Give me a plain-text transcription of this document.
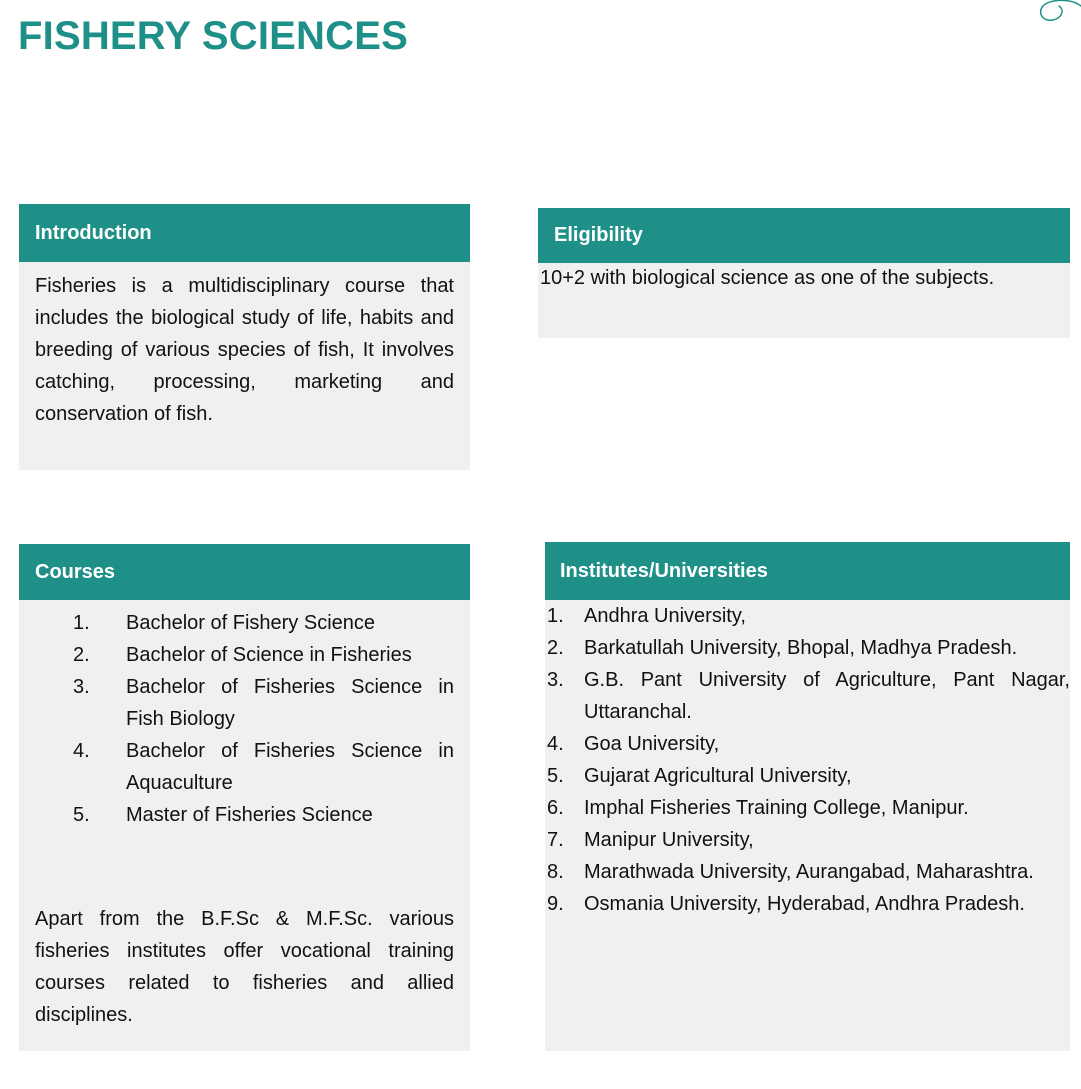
FISHERY SCIENCES
Introduction
Fisheries is a multidisciplinary course that includes the biological study of life, habits and breeding of various species of fish, It involves catching, processing, marketing and conservation of fish.
Eligibility
10+2 with biological science as one of the subjects.
Courses
1. Bachelor of Fishery Science
2. Bachelor of Science in Fisheries
3. Bachelor of Fisheries Science in Fish Biology
4. Bachelor of Fisheries Science in Aquaculture
5. Master of Fisheries Science
Apart from the B.F.Sc & M.F.Sc. various fisheries institutes offer vocational training courses related to fisheries and allied disciplines.
Institutes/Universities
1. Andhra University,
2. Barkatullah University, Bhopal, Madhya Pradesh.
3. G.B. Pant University of Agriculture, Pant Nagar, Uttaranchal.
4. Goa University,
5. Gujarat Agricultural University,
6. Imphal Fisheries Training College, Manipur.
7. Manipur University,
8. Marathwada University, Aurangabad, Maharashtra.
9. Osmania University, Hyderabad, Andhra Pradesh.
